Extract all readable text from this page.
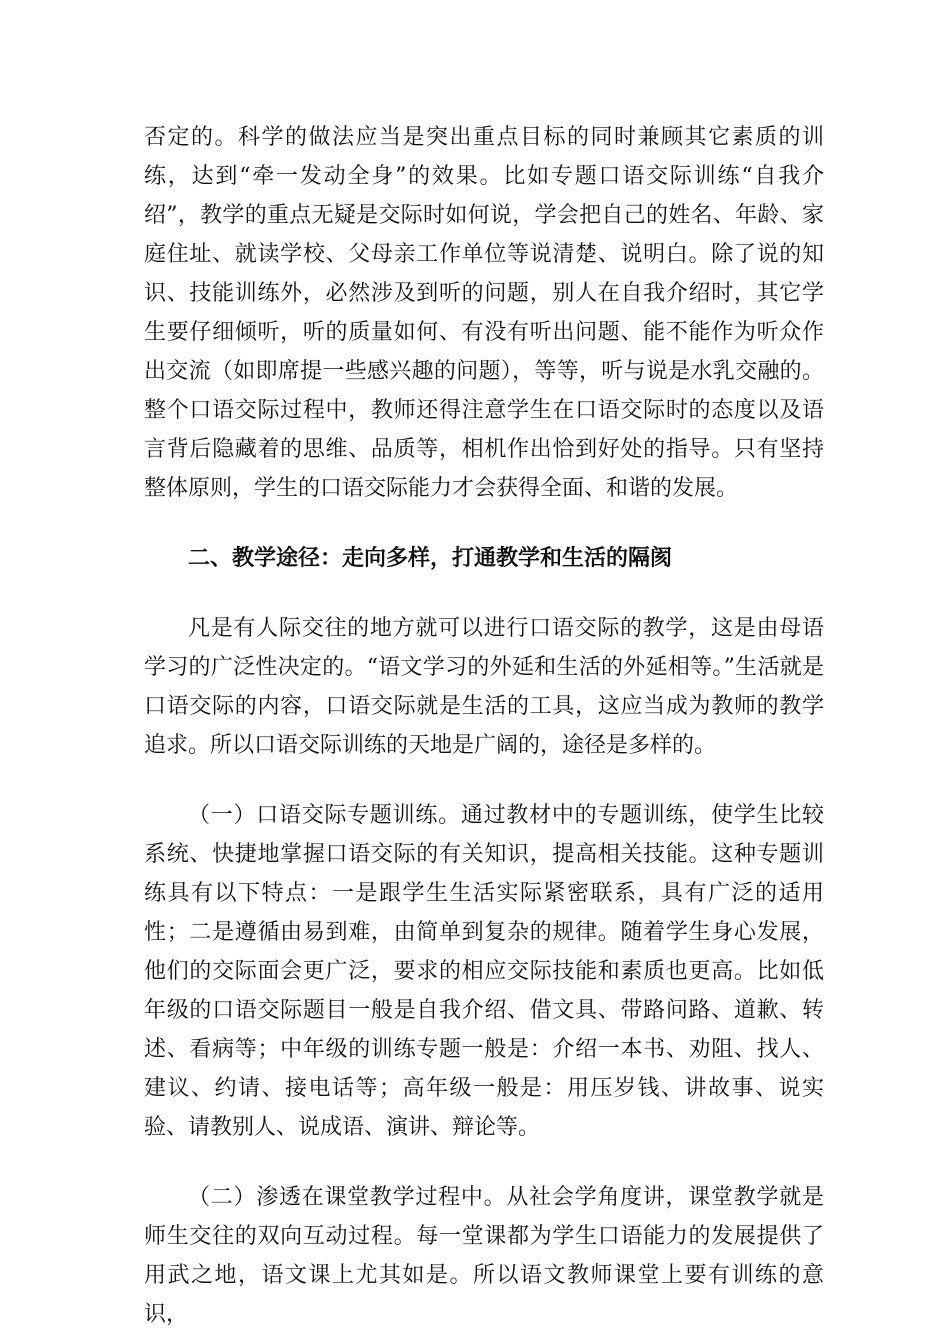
否定的。科学的做法应当是突出重点目标的同时兼顾其它素质的训练，达到“牵一发动全身”的效果。比如专题口语交际训练“自我介绍”，教学的重点无疑是交际时如何说，学会把自己的姓名、年龄、家庭住址、就读学校、父母亲工作单位等说清楚、说明白。除了说的知识、技能训练外，必然涉及到听的问题，别人在自我介绍时，其它学生要仔细倾听，听的质量如何、有没有听出问题、能不能作为听众作出交流（如即席提一些感兴趣的问题），等等，听与说是水乳交融的。整个口语交际过程中，教师还得注意学生在口语交际时的态度以及语言背后隐藏着的思维、品质等，相机作出恰到好处的指导。只有坚持整体原则，学生的口语交际能力才会获得全面、和谐的发展。

二、教学途径：走向多样，打通教学和生活的隔阂

凡是有人际交往的地方就可以进行口语交际的教学，这是由母语学习的广泛性决定的。“语文学习的外延和生活的外延相等。”生活就是口语交际的内容，口语交际就是生活的工具，这应当成为教师的教学追求。所以口语交际训练的天地是广阔的，途径是多样的。

（一）口语交际专题训练。通过教材中的专题训练，使学生比较系统、快捷地掌握口语交际的有关知识，提高相关技能。这种专题训练具有以下特点：一是跟学生生活实际紧密联系，具有广泛的适用性；二是遵循由易到难，由简单到复杂的规律。随着学生身心发展，他们的交际面会更广泛，要求的相应交际技能和素质也更高。比如低年级的口语交际题目一般是自我介绍、借文具、带路问路、道歉、转述、看病等；中年级的训练专题一般是：介绍一本书、劝阻、找人、建议、约请、接电话等；高年级一般是：用压岁钱、讲故事、说实验、请教别人、说成语、演讲、辩论等。

（二）渗透在课堂教学过程中。从社会学角度讲，课堂教学就是师生交往的双向互动过程。每一堂课都为学生口语能力的发展提供了用武之地，语文课上尤其如是。所以语文教师课堂上要有训练的意识，
